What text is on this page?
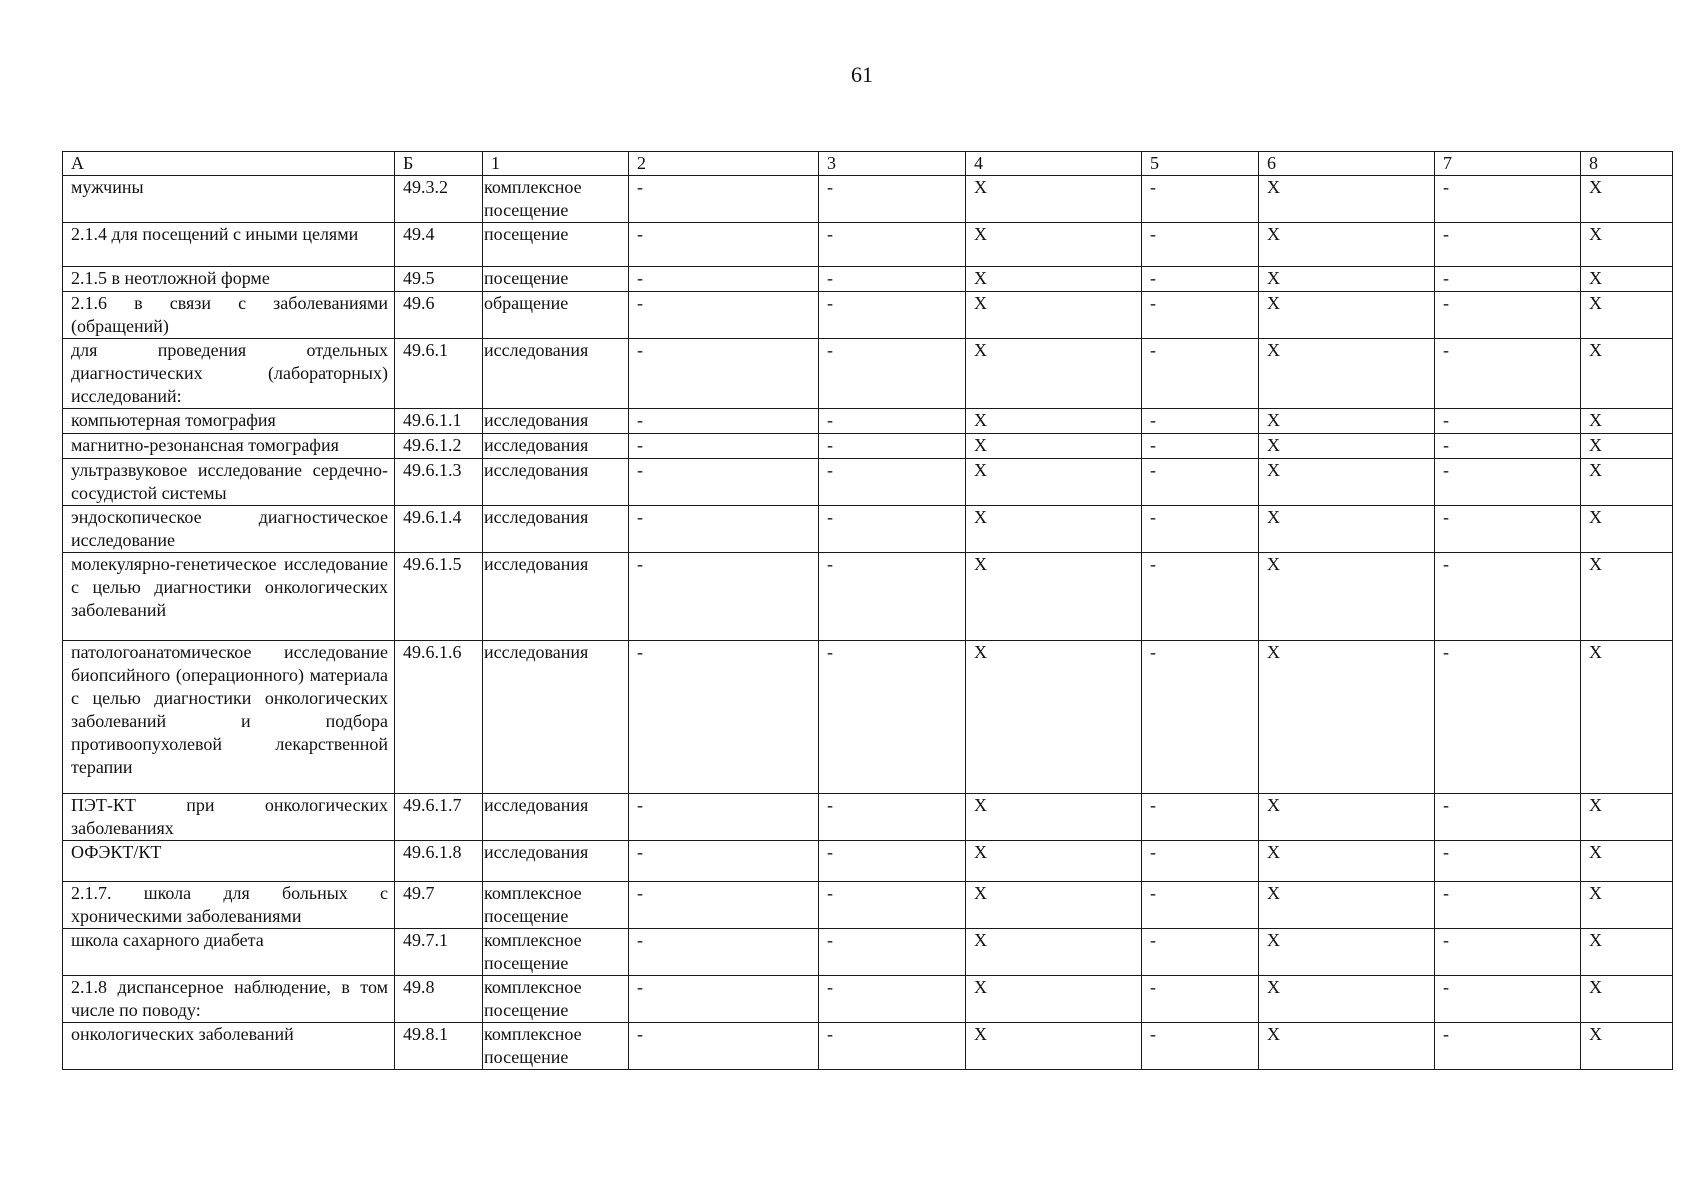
61
А	Б	1	2	3	4	5	6	7	8
мужчины	49.3.2	комплексное посещение	-	-	Х	-	Х	-	Х
2.1.4 для посещений с иными целями	49.4	посещение	-	-	Х	-	Х	-	Х
2.1.5 в неотложной форме	49.5	посещение	-	-	Х	-	Х	-	Х
2.1.6 в связи с заболеваниями (обращений)	49.6	обращение	-	-	Х	-	Х	-	Х
для проведения отдельных диагностических (лабораторных) исследований:	49.6.1	исследования	-	-	Х	-	Х	-	Х
компьютерная томография	49.6.1.1	исследования	-	-	Х	-	Х	-	Х
магнитно-резонансная томография	49.6.1.2	исследования	-	-	Х	-	Х	-	Х
ультразвуковое исследование сердечно-сосудистой системы	49.6.1.3	исследования	-	-	Х	-	Х	-	Х
эндоскопическое диагностическое исследование	49.6.1.4	исследования	-	-	Х	-	Х	-	Х
молекулярно-генетическое исследование с целью диагностики онкологических заболеваний	49.6.1.5	исследования	-	-	Х	-	Х	-	Х
патологоанатомическое исследование биопсийного (операционного) материала с целью диагностики онкологических заболеваний и подбора противоопухолевой лекарственной терапии	49.6.1.6	исследования	-	-	Х	-	Х	-	Х
ПЭТ-КТ при онкологических заболеваниях	49.6.1.7	исследования	-	-	Х	-	Х	-	Х
ОФЭКТ/КТ	49.6.1.8	исследования	-	-	Х	-	Х	-	Х
2.1.7. школа для больных с хроническими заболеваниями	49.7	комплексное посещение	-	-	Х	-	Х	-	Х
школа сахарного диабета	49.7.1	комплексное посещение	-	-	Х	-	Х	-	Х
2.1.8 диспансерное наблюдение, в том числе по поводу:	49.8	комплексное посещение	-	-	Х	-	Х	-	Х
онкологических заболеваний	49.8.1	комплексное посещение	-	-	Х	-	Х	-	Х
